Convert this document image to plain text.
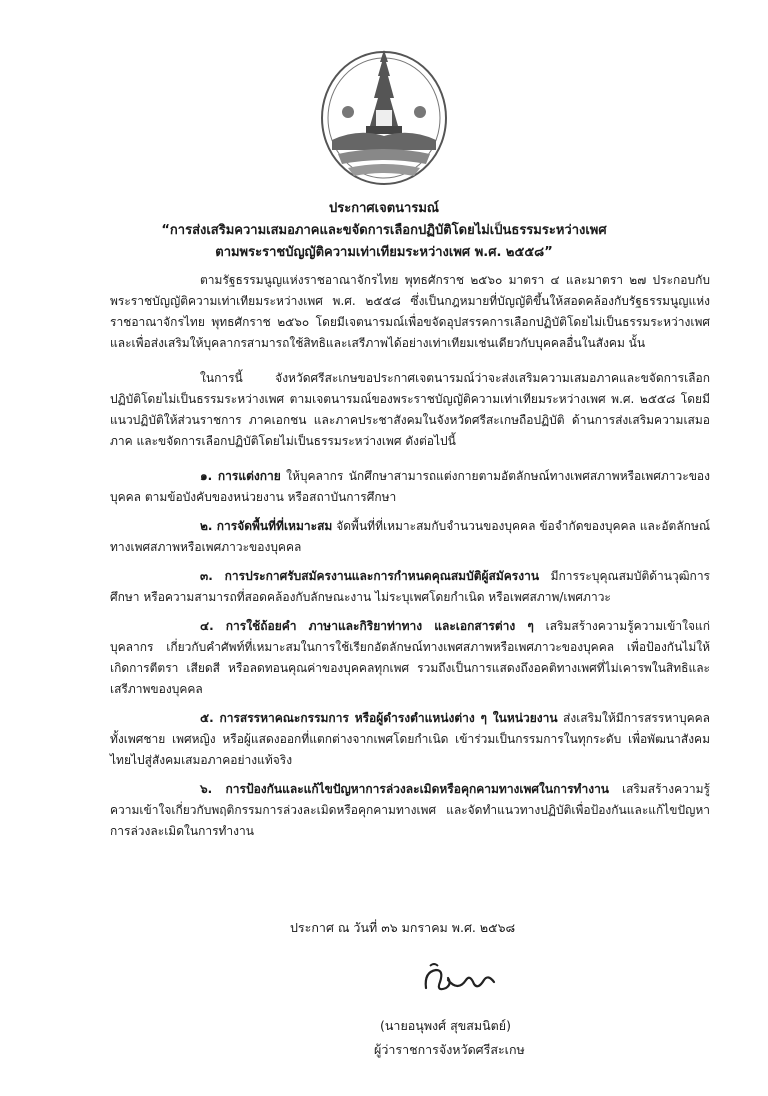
ประกาศเจตนารมณ์
“การส่งเสริมความเสมอภาคและขจัดการเลือกปฏิบัติโดยไม่เป็นธรรมระหว่างเพศ
ตามพระราชบัญญัติความเท่าเทียมระหว่างเพศ พ.ศ. ๒๕๕๘”

ตามรัฐธรรมนูญแห่งราชอาณาจักรไทย พุทธศักราช ๒๕๖๐ มาตรา ๔ และมาตรา ๒๗ ประกอบกับพระราชบัญญัติความเท่าเทียมระหว่างเพศ พ.ศ. ๒๕๕๘ ซึ่งเป็นกฎหมายที่บัญญัติขึ้นให้สอดคล้องกับรัฐธรรมนูญแห่งราชอาณาจักรไทย พุทธศักราช ๒๕๖๐ โดยมีเจตนารมณ์เพื่อขจัดอุปสรรคการเลือกปฏิบัติโดยไม่เป็นธรรมระหว่างเพศ และเพื่อส่งเสริมให้บุคลากรสามารถใช้สิทธิและเสรีภาพได้อย่างเท่าเทียมเช่นเดียวกับบุคคลอื่นในสังคม นั้น

ในการนี้ จังหวัดศรีสะเกษขอประกาศเจตนารมณ์ว่าจะส่งเสริมความเสมอภาคและขจัดการเลือกปฏิบัติโดยไม่เป็นธรรมระหว่างเพศ ตามเจตนารมณ์ของพระราชบัญญัติความเท่าเทียมระหว่างเพศ พ.ศ. ๒๕๕๘ โดยมีแนวปฏิบัติให้ส่วนราชการ ภาคเอกชน และภาคประชาสังคมในจังหวัดศรีสะเกษถือปฏิบัติ ด้านการส่งเสริมความเสมอภาค และขจัดการเลือกปฏิบัติโดยไม่เป็นธรรมระหว่างเพศ ดังต่อไปนี้

๑. การแต่งกาย ให้บุคลากร นักศึกษาสามารถแต่งกายตามอัตลักษณ์ทางเพศสภาพหรือเพศภาวะของบุคคล ตามข้อบังคับของหน่วยงาน หรือสถาบันการศึกษา

๒. การจัดพื้นที่ที่เหมาะสม จัดพื้นที่ที่เหมาะสมกับจำนวนของบุคคล ข้อจำกัดของบุคคล และอัตลักษณ์ทางเพศสภาพหรือเพศภาวะของบุคคล

๓. การประกาศรับสมัครงานและการกำหนดคุณสมบัติผู้สมัครงาน มีการระบุคุณสมบัติด้านวุฒิการศึกษา หรือความสามารถที่สอดคล้องกับลักษณะงาน ไม่ระบุเพศโดยกำเนิด หรือเพศสภาพ/เพศภาวะ

๔. การใช้ถ้อยคำ ภาษาและกิริยาท่าทาง และเอกสารต่าง ๆ เสริมสร้างความรู้ความเข้าใจแก่บุคลากร เกี่ยวกับคำศัพท์ที่เหมาะสมในการใช้เรียกอัตลักษณ์ทางเพศสภาพหรือเพศภาวะของบุคคล เพื่อป้องกันไม่ให้เกิดการตีตรา เสียดสี หรือลดทอนคุณค่าของบุคคลทุกเพศ รวมถึงเป็นการแสดงถึงอคติทางเพศที่ไม่เคารพในสิทธิและเสรีภาพของบุคคล

๕. การสรรหาคณะกรรมการ หรือผู้ดำรงตำแหน่งต่าง ๆ ในหน่วยงาน ส่งเสริมให้มีการสรรหาบุคคลทั้งเพศชาย เพศหญิง หรือผู้แสดงออกที่แตกต่างจากเพศโดยกำเนิด เข้าร่วมเป็นกรรมการในทุกระดับ เพื่อพัฒนาสังคมไทยไปสู่สังคมเสมอภาคอย่างแท้จริง

๖. การป้องกันและแก้ไขปัญหาการล่วงละเมิดหรือคุกคามทางเพศในการทำงาน เสริมสร้างความรู้ ความเข้าใจเกี่ยวกับพฤติกรรมการล่วงละเมิดหรือคุกคามทางเพศ และจัดทำแนวทางปฏิบัติเพื่อป้องกันและแก้ไขปัญหาการล่วงละเมิดในการทำงาน

ประกาศ ณ วันที่ ๓๖ มกราคม พ.ศ. ๒๕๖๘
(นายอนุพงศ์ สุขสมนิตย์)
ผู้ว่าราชการจังหวัดศรีสะเกษ
